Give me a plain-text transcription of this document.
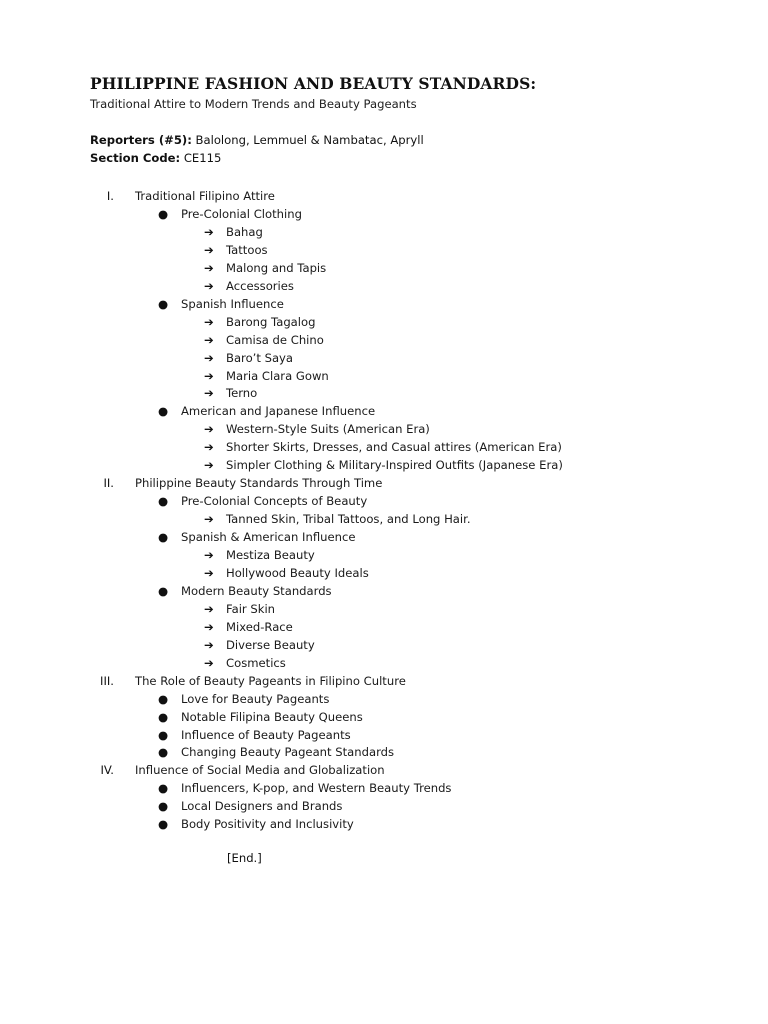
PHILIPPINE FASHION AND BEAUTY STANDARDS:
Traditional Attire to Modern Trends and Beauty Pageants
Reporters (#5): Balolong, Lemmuel & Nambatac, Apryll
Section Code: CE115
I. Traditional Filipino Attire
● Pre-Colonial Clothing
➔ Bahag
➔ Tattoos
➔ Malong and Tapis
➔ Accessories
● Spanish Influence
➔ Barong Tagalog
➔ Camisa de Chino
➔ Baro’t Saya
➔ Maria Clara Gown
➔ Terno
● American and Japanese Influence
➔ Western-Style Suits (American Era)
➔ Shorter Skirts, Dresses, and Casual attires (American Era)
➔ Simpler Clothing & Military-Inspired Outfits (Japanese Era)
II. Philippine Beauty Standards Through Time
● Pre-Colonial Concepts of Beauty
➔ Tanned Skin, Tribal Tattoos, and Long Hair.
● Spanish & American Influence
➔ Mestiza Beauty
➔ Hollywood Beauty Ideals
● Modern Beauty Standards
➔ Fair Skin
➔ Mixed-Race
➔ Diverse Beauty
➔ Cosmetics
III. The Role of Beauty Pageants in Filipino Culture
● Love for Beauty Pageants
● Notable Filipina Beauty Queens
● Influence of Beauty Pageants
● Changing Beauty Pageant Standards
IV. Influence of Social Media and Globalization
● Influencers, K-pop, and Western Beauty Trends
● Local Designers and Brands
● Body Positivity and Inclusivity
[End.]
